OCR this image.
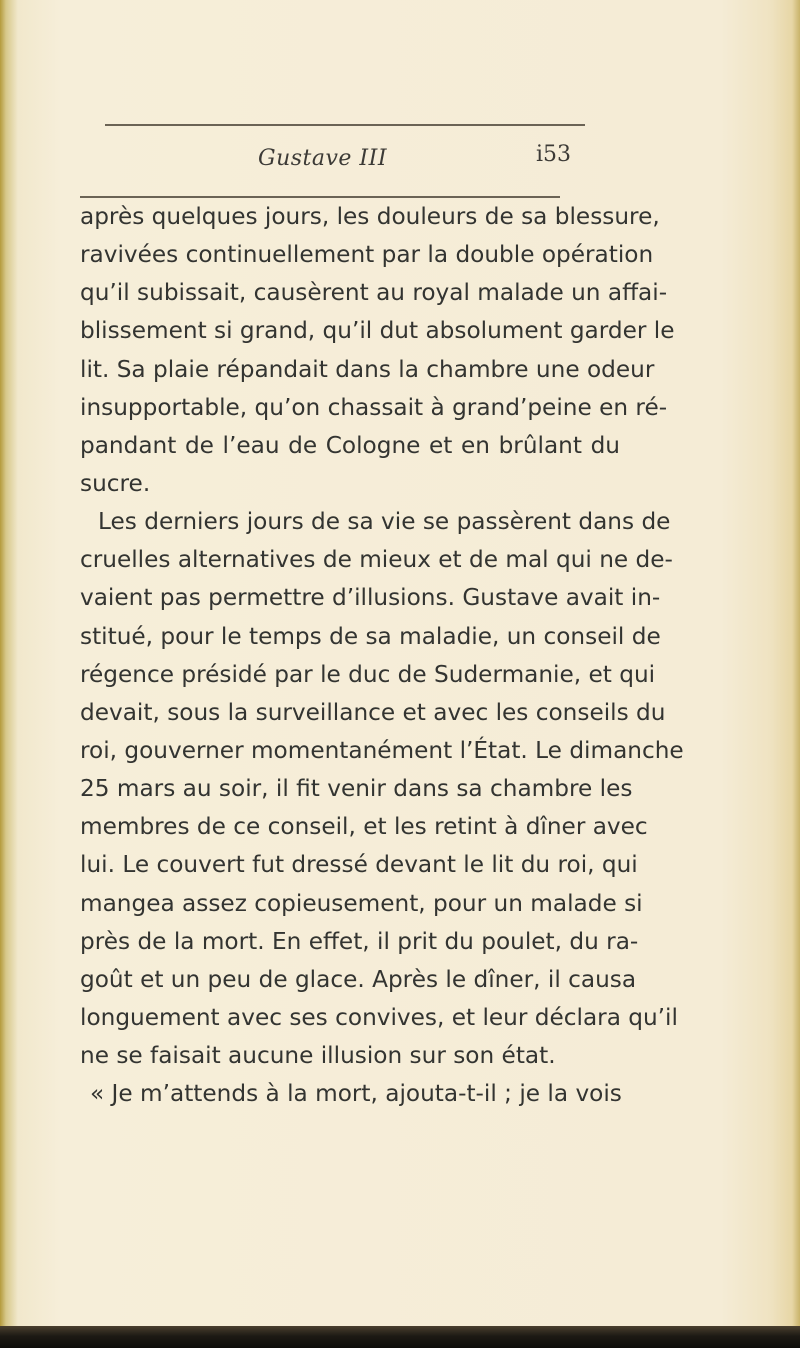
Gustave III	i53
après quelques jours, les douleurs de sa blessure,
ravivées continuellement par la double opération
qu’il subissait, causèrent au royal malade un affai-
blissement si grand, qu’il dut absolument garder le
lit. Sa plaie répandait dans la chambre une odeur
insupportable, qu’on chassait à grand’peine en ré-
pandant de l’eau de Cologne et en brûlant du
sucre.
Les derniers jours de sa vie se passèrent dans de
cruelles alternatives de mieux et de mal qui ne de-
vaient pas permettre d’illusions. Gustave avait in-
stitué, pour le temps de sa maladie, un conseil de
régence présidé par le duc de Sudermanie, et qui
devait, sous la surveillance et avec les conseils du
roi, gouverner momentanément l’État. Le dimanche
25 mars au soir, il fit venir dans sa chambre les
membres de ce conseil, et les retint à dîner avec
lui. Le couvert fut dressé devant le lit du roi, qui
mangea assez copieusement, pour un malade si
près de la mort. En effet, il prit du poulet, du ra-
goût et un peu de glace. Après le dîner, il causa
longuement avec ses convives, et leur déclara qu’il
ne se faisait aucune illusion sur son état.
« Je m’attends à la mort, ajouta-t-il ; je la vois
